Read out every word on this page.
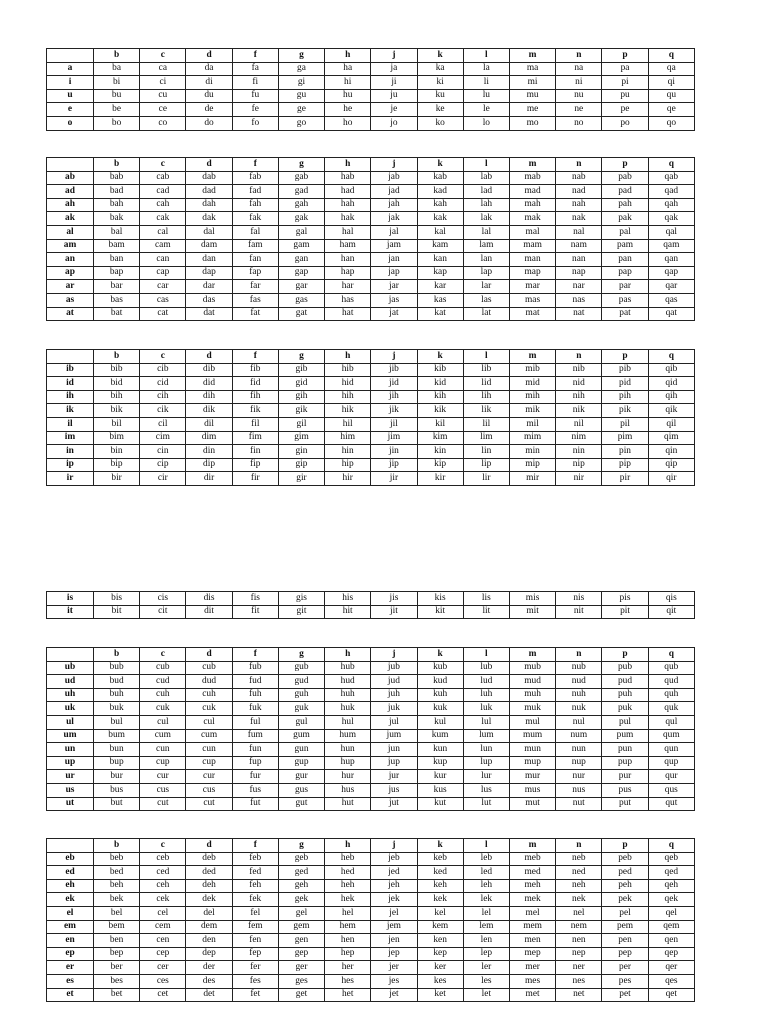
	b	c	d	f	g	h	j	k	l	m	n	p	q
a	ba	ca	da	fa	ga	ha	ja	ka	la	ma	na	pa	qa
i	bi	ci	di	fi	gi	hi	ji	ki	li	mi	ni	pi	qi
u	bu	cu	du	fu	gu	hu	ju	ku	lu	mu	nu	pu	qu
e	be	ce	de	fe	ge	he	je	ke	le	me	ne	pe	qe
o	bo	co	do	fo	go	ho	jo	ko	lo	mo	no	po	qo
	b	c	d	f	g	h	j	k	l	m	n	p	q
ab	bab	cab	dab	fab	gab	hab	jab	kab	lab	mab	nab	pab	qab
ad	bad	cad	dad	fad	gad	had	jad	kad	lad	mad	nad	pad	qad
ah	bah	cah	dah	fah	gah	hah	jah	kah	lah	mah	nah	pah	qah
ak	bak	cak	dak	fak	gak	hak	jak	kak	lak	mak	nak	pak	qak
al	bal	cal	dal	fal	gal	hal	jal	kal	lal	mal	nal	pal	qal
am	bam	cam	dam	fam	gam	ham	jam	kam	lam	mam	nam	pam	qam
an	ban	can	dan	fan	gan	han	jan	kan	lan	man	nan	pan	qan
ap	bap	cap	dap	fap	gap	hap	jap	kap	lap	map	nap	pap	qap
ar	bar	car	dar	far	gar	har	jar	kar	lar	mar	nar	par	qar
as	bas	cas	das	fas	gas	has	jas	kas	las	mas	nas	pas	qas
at	bat	cat	dat	fat	gat	hat	jat	kat	lat	mat	nat	pat	qat
	b	c	d	f	g	h	j	k	l	m	n	p	q
ib	bib	cib	dib	fib	gib	hib	jib	kib	lib	mib	nib	pib	qib
id	bid	cid	did	fid	gid	hid	jid	kid	lid	mid	nid	pid	qid
ih	bih	cih	dih	fih	gih	hih	jih	kih	lih	mih	nih	pih	qih
ik	bik	cik	dik	fik	gik	hik	jik	kik	lik	mik	nik	pik	qik
il	bil	cil	dil	fil	gil	hil	jil	kil	lil	mil	nil	pil	qil
im	bim	cim	dim	fim	gim	him	jim	kim	lim	mim	nim	pim	qim
in	bin	cin	din	fin	gin	hin	jin	kin	lin	min	nin	pin	qin
ip	bip	cip	dip	fip	gip	hip	jip	kip	lip	mip	nip	pip	qip
ir	bir	cir	dir	fir	gir	hir	jir	kir	lir	mir	nir	pir	qir
is	bis	cis	dis	fis	gis	his	jis	kis	lis	mis	nis	pis	qis
it	bit	cit	dit	fit	git	hit	jit	kit	lit	mit	nit	pit	qit
	b	c	d	f	g	h	j	k	l	m	n	p	q
ub	bub	cub	cub	fub	gub	hub	jub	kub	lub	mub	nub	pub	qub
ud	bud	cud	dud	fud	gud	hud	jud	kud	lud	mud	nud	pud	qud
uh	buh	cuh	cuh	fuh	guh	huh	juh	kuh	luh	muh	nuh	puh	quh
uk	buk	cuk	cuk	fuk	guk	huk	juk	kuk	luk	muk	nuk	puk	quk
ul	bul	cul	cul	ful	gul	hul	jul	kul	lul	mul	nul	pul	qul
um	bum	cum	cum	fum	gum	hum	jum	kum	lum	mum	num	pum	qum
un	bun	cun	cun	fun	gun	hun	jun	kun	lun	mun	nun	pun	qun
up	bup	cup	cup	fup	gup	hup	jup	kup	lup	mup	nup	pup	qup
ur	bur	cur	cur	fur	gur	hur	jur	kur	lur	mur	nur	pur	qur
us	bus	cus	cus	fus	gus	hus	jus	kus	lus	mus	nus	pus	qus
ut	but	cut	cut	fut	gut	hut	jut	kut	lut	mut	nut	put	qut
	b	c	d	f	g	h	j	k	l	m	n	p	q
eb	beb	ceb	deb	feb	geb	heb	jeb	keb	leb	meb	neb	peb	qeb
ed	bed	ced	ded	fed	ged	hed	jed	ked	led	med	ned	ped	qed
eh	beh	ceh	deh	feh	geh	heh	jeh	keh	leh	meh	neh	peh	qeh
ek	bek	cek	dek	fek	gek	hek	jek	kek	lek	mek	nek	pek	qek
el	bel	cel	del	fel	gel	hel	jel	kel	lel	mel	nel	pel	qel
em	bem	cem	dem	fem	gem	hem	jem	kem	lem	mem	nem	pem	qem
en	ben	cen	den	fen	gen	hen	jen	ken	len	men	nen	pen	qen
ep	bep	cep	dep	fep	gep	hep	jep	kep	lep	mep	nep	pep	qep
er	ber	cer	der	fer	ger	her	jer	ker	ler	mer	ner	per	qer
es	bes	ces	des	fes	ges	hes	jes	kes	les	mes	nes	pes	qes
et	bet	cet	det	fet	get	het	jet	ket	let	met	net	pet	qet
